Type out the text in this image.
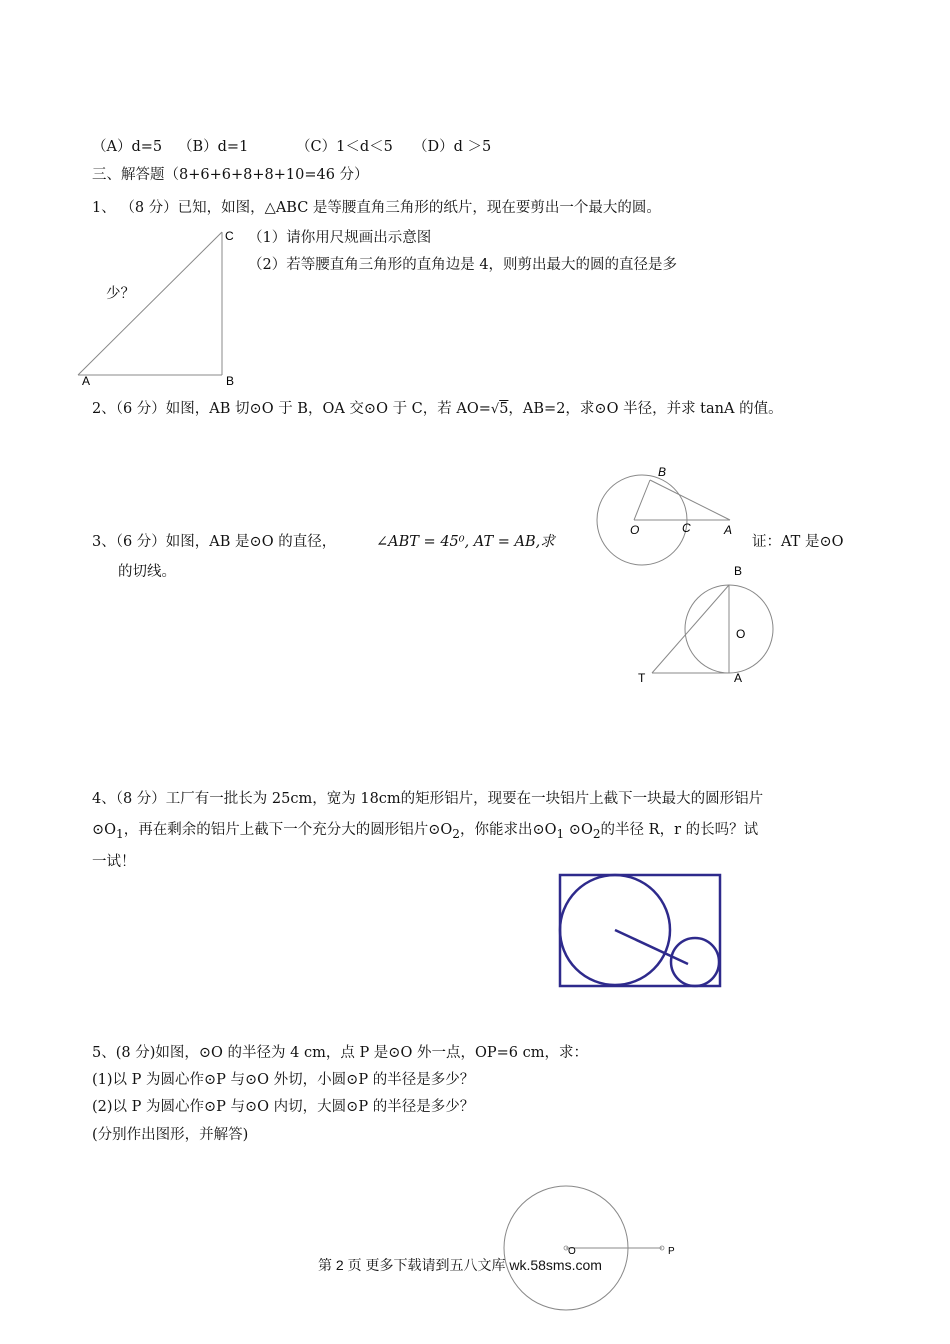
（A）d=5 （B）d=1	（C）1＜d＜5 （D）d ＞5
三、解答题（8+6+6+8+8+10=46 分）
1、 （8 分）已知，如图，△ABC 是等腰直角三角形的纸片，现在要剪出一个最大的圆。
（1）请你用尺规画出示意图
（2）若等腰直角三角形的直角边是 4，则剪出最大的圆的直径是多
少？
C
A	B
2、（6 分）如图，AB 切⊙O 于 B，OA 交⊙O 于 C，若 AO=√5，AB=2，求⊙O 半径，并求 tanA 的值。
B
O	C	A
3、（6 分）如图，AB 是⊙O 的直径，	∠ABT = 45⁰, AT = AB,求	证：AT 是⊙O
的切线。	B
O
T	A
4、（8 分）工厂有一批长为 25cm，宽为 18cm的矩形铝片，现要在一块铝片上截下一块最大的圆形铝片
$⊙O_1$，再在剩余的铝片上截下一个充分大的圆形铝片$⊙O_2$，你能求出$⊙O_1$ $⊙O_2$的半径 R，r 的长吗？试
一试！
5、(8 分)如图，⊙O 的半径为 4 cm，点 P 是⊙O 外一点，OP=6 cm，求：
(1)以 P 为圆心作⊙P 与⊙O 外切，小圆⊙P 的半径是多少？
(2)以 P 为圆心作⊙P 与⊙O 内切，大圆⊙P 的半径是多少？
(分别作出图形，并解答)
O	P
第 2 页 更多下载请到五八文库 wk.58sms.com
